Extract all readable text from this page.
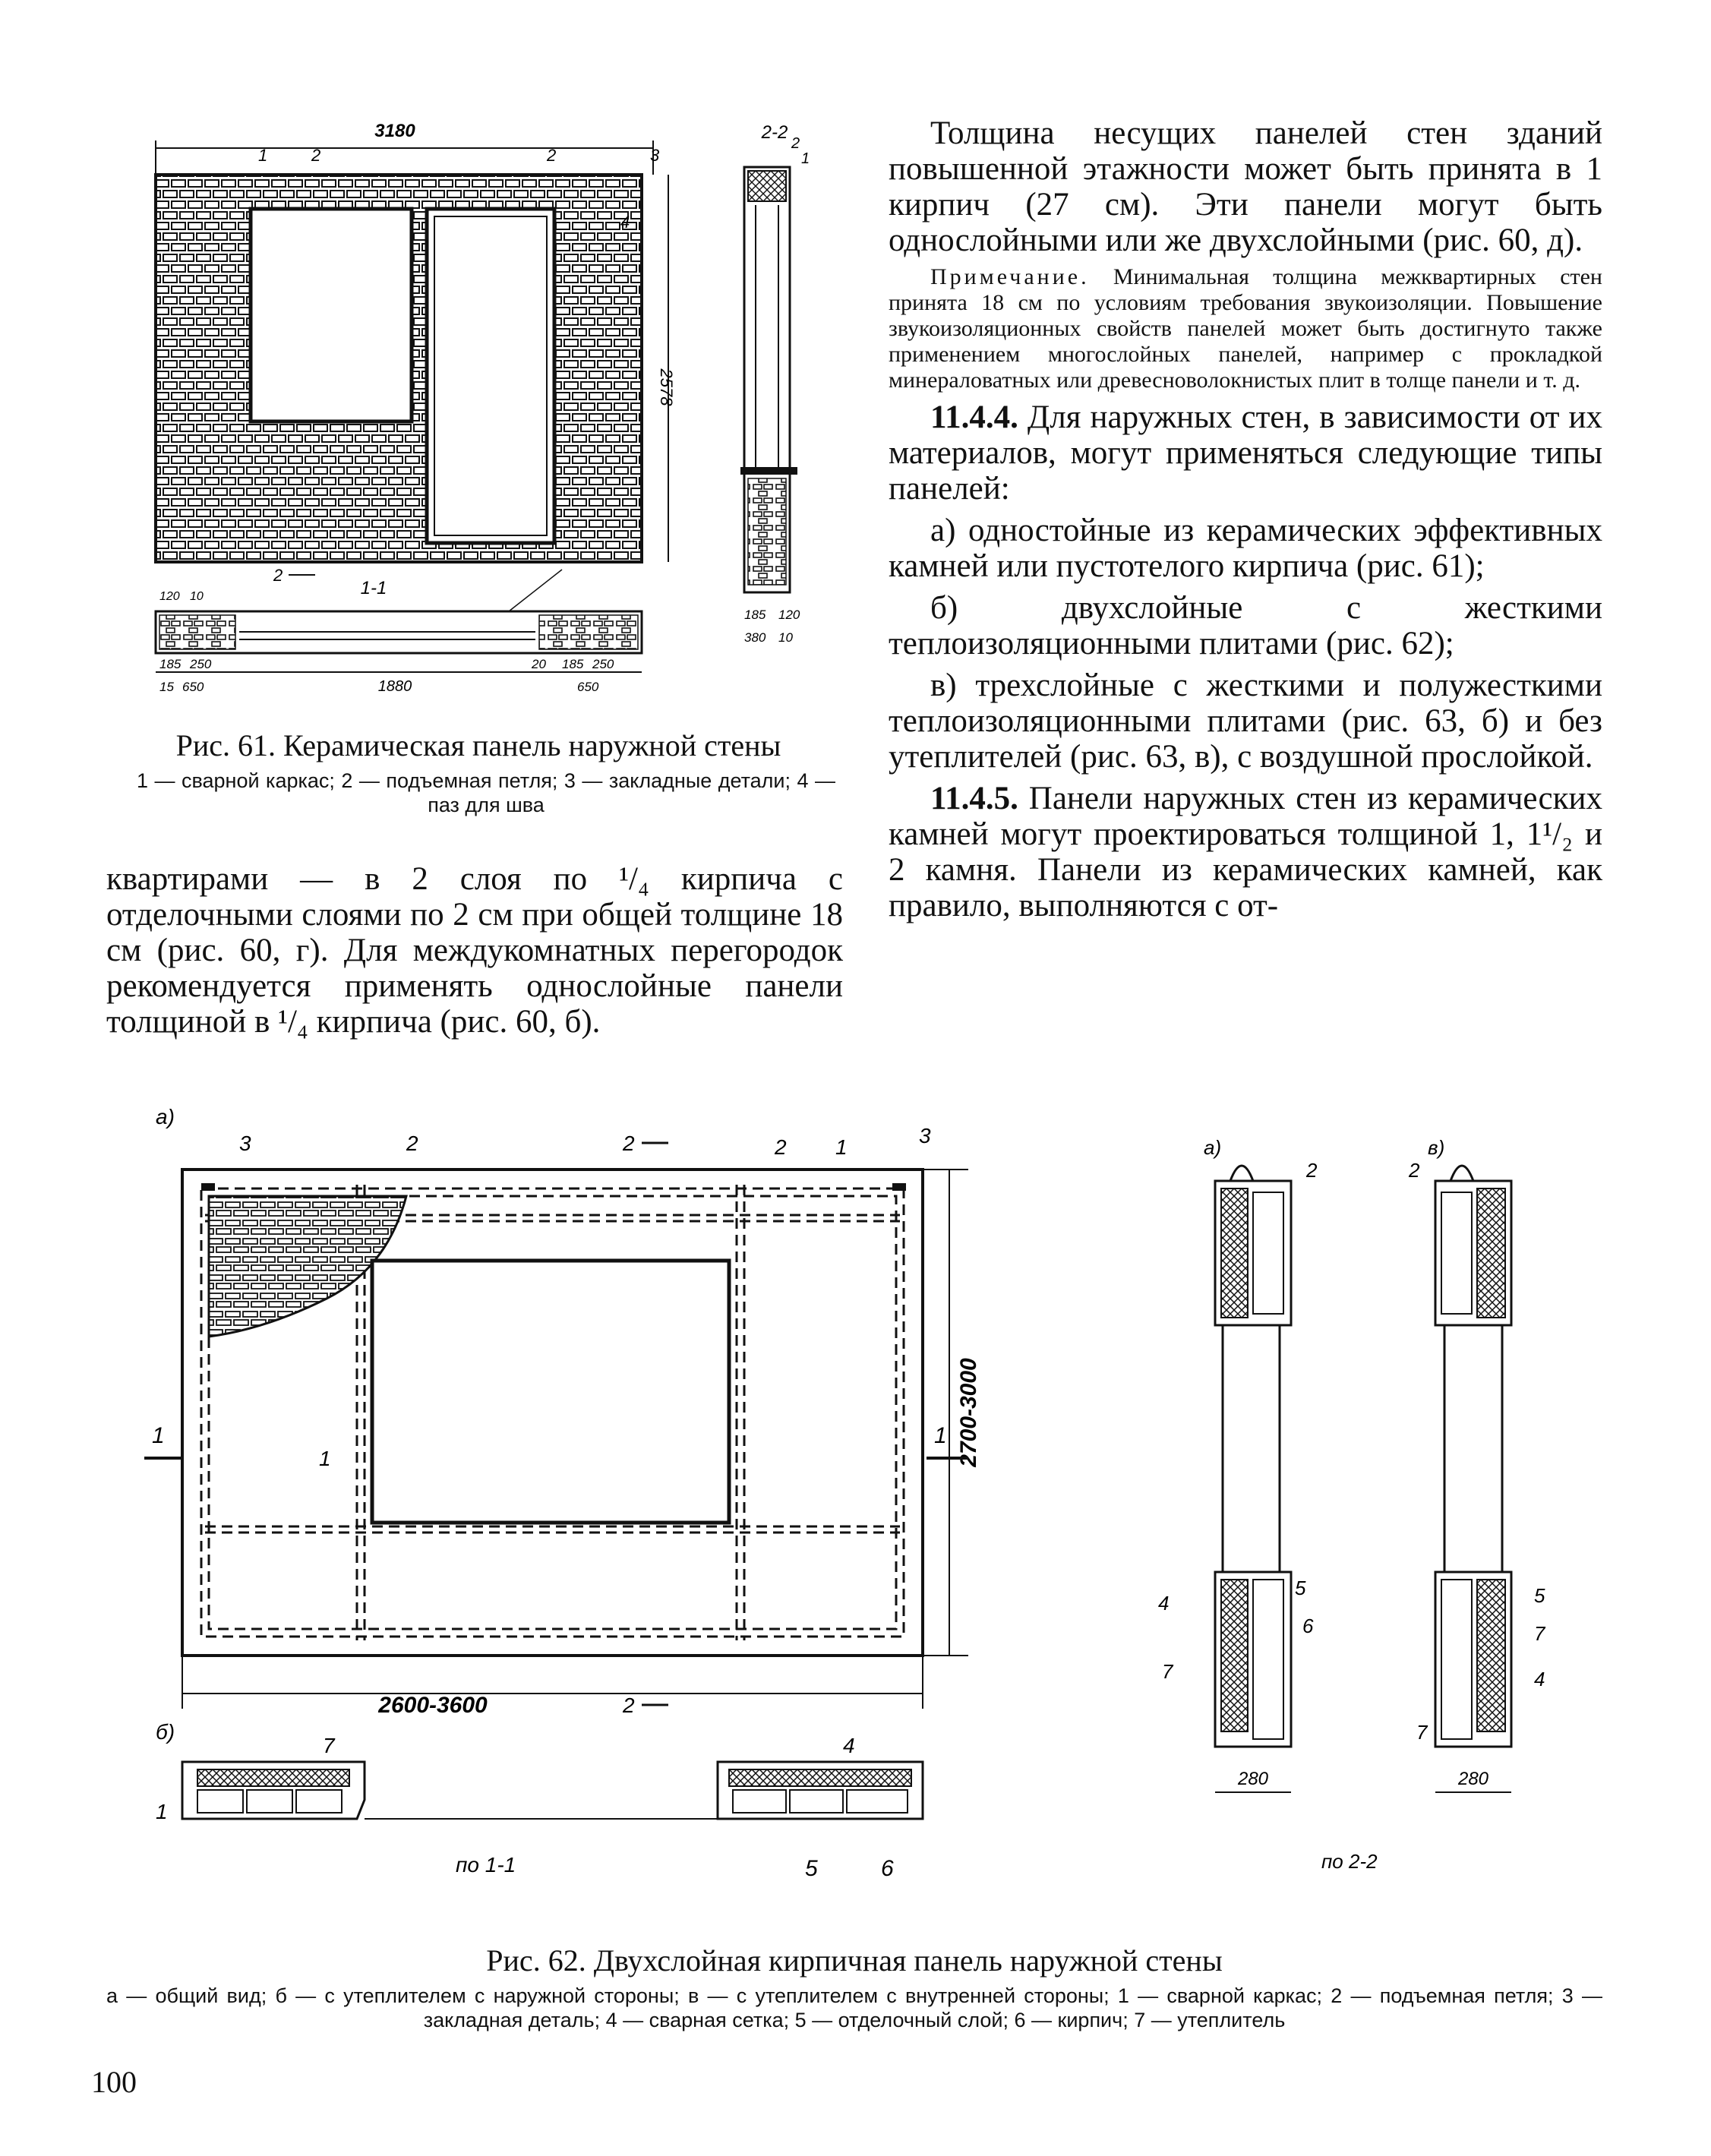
3180
2578
1	2	2	3
4
2
1-1
120 10
185 250
15 650	1880
20 185 250
650
2-2
2
1
185 120
380 10
Рис. 61. Керамическая панель наружной стены
1 — сварной каркас; 2 — подъемная петля; 3 — закладные детали; 4 — паз для шва

квартирами — в 2 слоя по ¹/₄ кирпича с отделочными слоями по 2 см при общей толщине 18 см (рис. 60, г). Для междукомнатных перегородок рекомендуется применять однослойные панели толщиной в ¹/₄ кирпича (рис. 60, б).

Толщина несущих панелей стен зданий повышенной этажности может быть принята в 1 кирпич (27 см). Эти панели могут быть однослойными или же двухслойными (рис. 60, д).

Примечание. Минимальная толщина межквартирных стен принята 18 см по условиям требования звукоизоляции. Повышение звукоизоляционных свойств панелей может быть достигнуто также применением многослойных панелей, например с прокладкой минераловатных или древесноволокнистых плит в толще панели и т. д.

11.4.4. Для наружных стен, в зависимости от их материалов, могут применяться следующие типы панелей:

а) одностойные из керамических эффективных камней или пустотелого кирпича (рис. 61);

б) двухслойные с жесткими теплоизоляционными плитами (рис. 62);

в) трехслойные с жесткими и полужесткими теплоизоляционными плитами (рис. 63, б) и без утеплителей (рис. 63, в), с воздушной прослойкой.

11.4.5. Панели наружных стен из керамических камней могут проектироваться толщиной 1, 1¹/₂ и 2 камня. Панели из керамических камней, как правило, выполняются с от-

а)
2700-3000
2600-3600
3	2	2	2 1	3
1	1
1
2
б)
7	4
1
по 1-1	5	6
а)
2
5
6
4
7
280
в)
2
5
7
4
7
280
по 2-2
Рис. 62. Двухслойная кирпичная панель наружной стены
а — общий вид; б — с утеплителем с наружной стороны; в — с утеплителем с внутренней стороны; 1 — сварной каркас; 2 — подъемная петля; 3 — закладная деталь; 4 — сварная сетка; 5 — отделочный слой; 6 — кирпич; 7 — утеплитель
100
